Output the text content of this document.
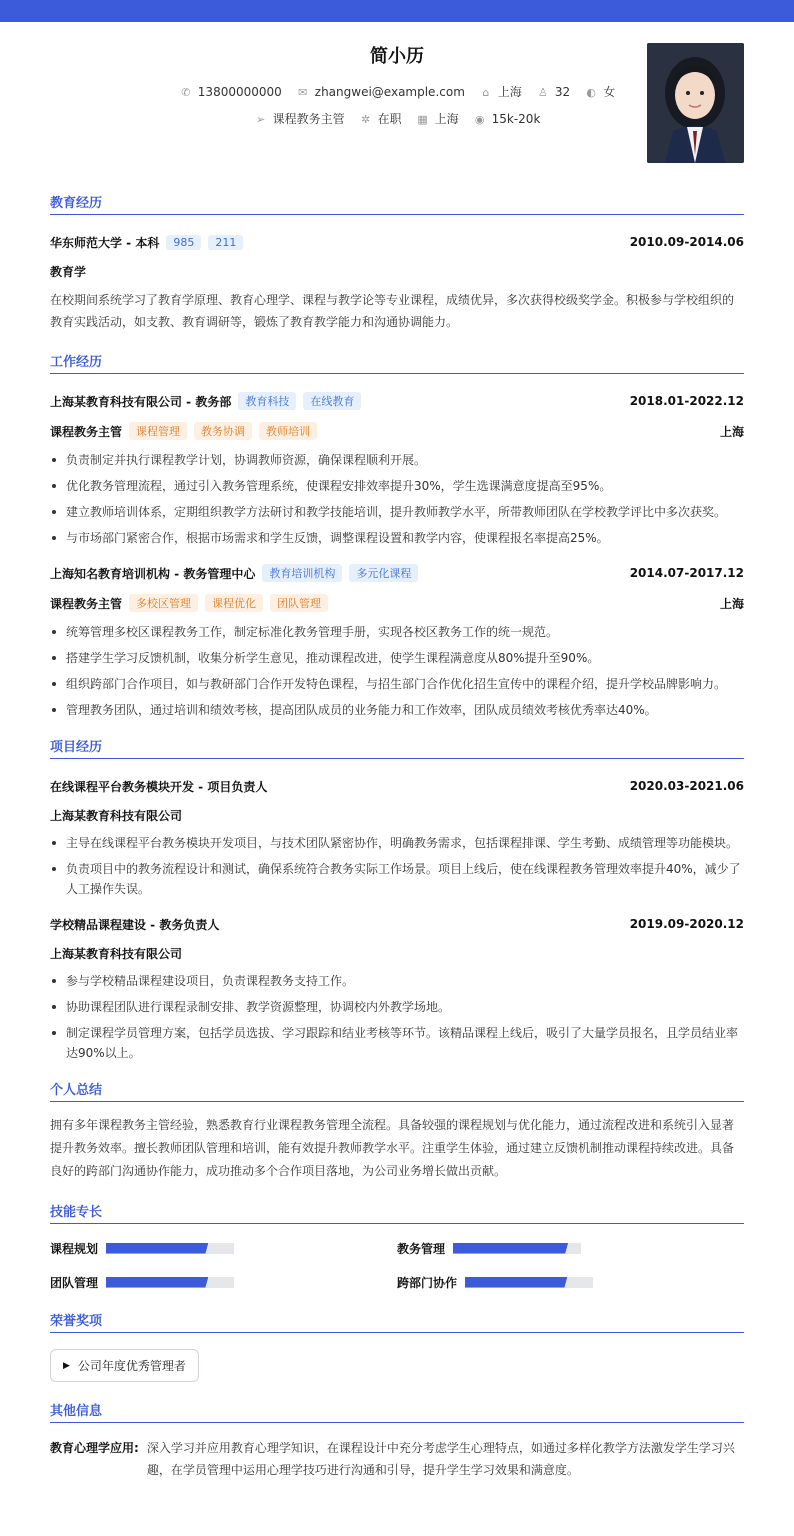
简小历
✆ 13800000000 ✉ zhangwei@example.com ⌂ 上海 ♙ 32 ◐ 女
➢ 课程教务主管 ✲ 在职 ▦ 上海 ◉ 15k-20k
教育经历
华东师范大学 - 本科	985	211	2010.09-2014.06
教育学
在校期间系统学习了教育学原理、教育心理学、课程与教学论等专业课程，成绩优异，多次获得校级奖学金。积极参与学校组织的教育实践活动，如支教、教育调研等，锻炼了教育教学能力和沟通协调能力。
工作经历
上海某教育科技有限公司 - 教务部	教育科技	在线教育	2018.01-2022.12
课程教务主管	课程管理	教务协调	教师培训	上海
负责制定并执行课程教学计划，协调教师资源，确保课程顺利开展。
优化教务管理流程，通过引入教务管理系统，使课程安排效率提升30%，学生选课满意度提高至95%。
建立教师培训体系，定期组织教学方法研讨和教学技能培训，提升教师教学水平，所带教师团队在学校教学评比中多次获奖。
与市场部门紧密合作，根据市场需求和学生反馈，调整课程设置和教学内容，使课程报名率提高25%。
上海知名教育培训机构 - 教务管理中心	教育培训机构	多元化课程	2014.07-2017.12
课程教务主管	多校区管理	课程优化	团队管理	上海
统筹管理多校区课程教务工作，制定标准化教务管理手册，实现各校区教务工作的统一规范。
搭建学生学习反馈机制，收集分析学生意见，推动课程改进，使学生课程满意度从80%提升至90%。
组织跨部门合作项目，如与教研部门合作开发特色课程，与招生部门合作优化招生宣传中的课程介绍，提升学校品牌影响力。
管理教务团队，通过培训和绩效考核，提高团队成员的业务能力和工作效率，团队成员绩效考核优秀率达40%。
项目经历
在线课程平台教务模块开发 - 项目负责人	2020.03-2021.06
上海某教育科技有限公司
主导在线课程平台教务模块开发项目，与技术团队紧密协作，明确教务需求，包括课程排课、学生考勤、成绩管理等功能模块。
负责项目中的教务流程设计和测试，确保系统符合教务实际工作场景。项目上线后，使在线课程教务管理效率提升40%，减少了人工操作失误。
学校精品课程建设 - 教务负责人	2019.09-2020.12
上海某教育科技有限公司
参与学校精品课程建设项目，负责课程教务支持工作。
协助课程团队进行课程录制安排、教学资源整理，协调校内外教学场地。
制定课程学员管理方案，包括学员选拔、学习跟踪和结业考核等环节。该精品课程上线后，吸引了大量学员报名，且学员结业率达90%以上。
个人总结
拥有多年课程教务主管经验，熟悉教育行业课程教务管理全流程。具备较强的课程规划与优化能力，通过流程改进和系统引入显著提升教务效率。擅长教师团队管理和培训，能有效提升教师教学水平。注重学生体验，通过建立反馈机制推动课程持续改进。具备良好的跨部门沟通协作能力，成功推动多个合作项目落地，为公司业务增长做出贡献。
技能专长
课程规划	教务管理
团队管理	跨部门协作
荣誉奖项
▶ 公司年度优秀管理者
其他信息
教育心理学应用: 深入学习并应用教育心理学知识，在课程设计中充分考虑学生心理特点，如通过多样化教学方法激发学生学习兴趣，在学员管理中运用心理学技巧进行沟通和引导，提升学生学习效果和满意度。
